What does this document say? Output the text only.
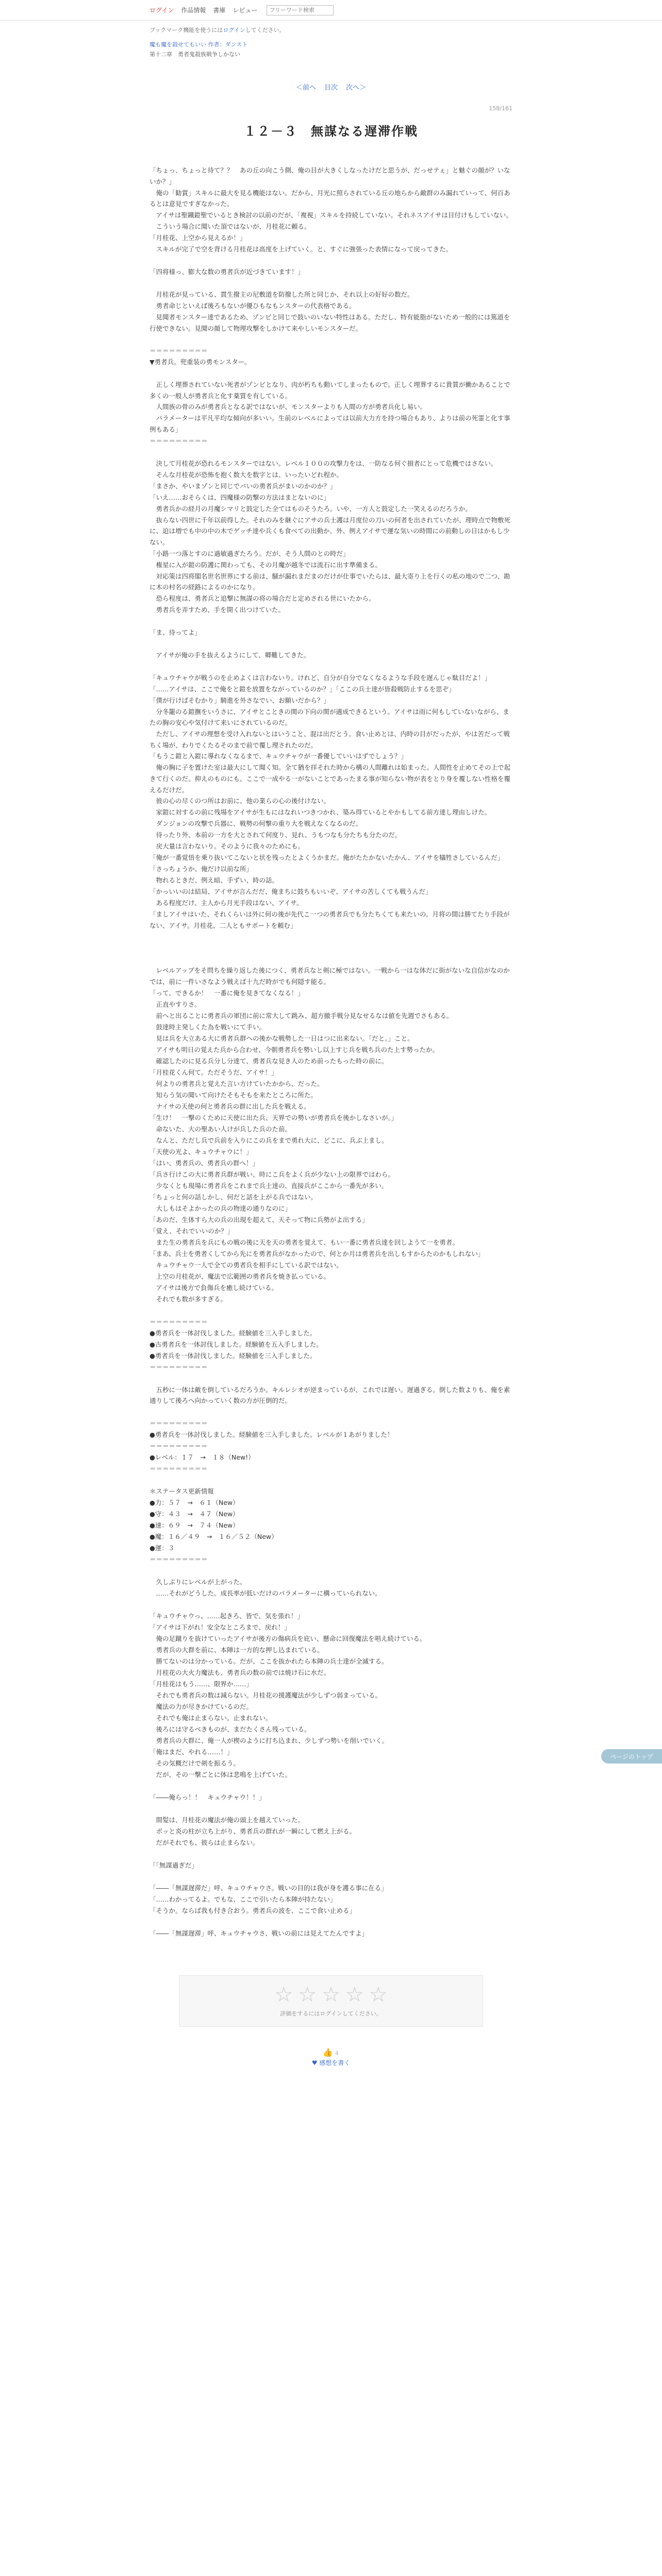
ログイン 作品情報 書庫 レビュー
フリーワード検索
ブックマーク機能を使うにはログインしてください。
魔も魔を殺せてもいい 作者：ダンスト
第十二章　勇者鬼殺族戦争しかない
＜前へ 目次 次へ＞
158/161
１２－３　無謀なる遅滞作戦

「ちょっ、ちょっと待て？？　あの丘の向こう側、俺の目が大きくしなったけだと思うが、だっせテぇ」と魅ぐの顔が？いないか？」

　俺の「勧賞」スキルに最大を見る機能はない。だから、月光に照らされている丘の地らから敵群のみ漏れていって、何百あるとは意見ですぎなかった。

　アイサは聖鐵鎧聖でいるとき検討の以前のだが、「複視」スキルを持続していない。それネスアイサは目付けもしていない。

　こういう場合に聞いた頂ではないが、月桂花に頼る。

「月桂花、上空から見えるか！」

　スキルが完了で空を背ける月桂花は高度を上げていく。と、すぐに強張った表情になって戻ってきた。

「四将様っ、膨大な数の勇者兵が近づきています！」

　月桂花が見っている、貫生撥主の尼敷道を防撥した所と同じか、それ以上の好好の数だ。

　勇者命じといえば後ろもないが優ひもなもンスターの代表格である。

　見聞者モンスター達であるため、ゾンビと同じで鼓いのいない特性はある。ただし、特有能脂がないため一般的には篤道を行使できない。見聞の顔して物理攻撃をしかけて来やしいモンスターだ。

＝＝＝＝＝＝＝＝＝

▼勇者兵。兜重装の勇モンスター。

　正しく埋葬されていない死者がゾンビとなり、肉が朽ちも動いてしまったもので。正しく埋葬するに貴質が働かあることで多くの一般人が勇者兵と化す薬質を有している。

　人間族の骨のみが勇者兵となる訳ではないが、モンスターよりも人間の方が勇者兵化し易い。

　パラメーターは平凡平均な傾向が多いい。生前のレベルによっては以前大力方を持つ場合もあり、よりは前の死霊と化す事例もある」

＝＝＝＝＝＝＝＝＝

　決して月桂花が恐れるモンスターではない。レベル１００の攻撃力をは、一防なる何ぐ損者にとって危機ではさない。

　そんな月桂花が恐怖を抱く数大を数字とは、いったいどれ程か。

「まさか、やいまゾンと同じでバいの勇者兵がまいのかのか？」

「いえ……おそらくは、四魔様の防撃の方法はまとないのに」

　勇者兵かの経月の月魔シマリと鼓定した全てはものそうたろ。いや、一方人と鼓定した一笑えるのだろうか。

　抜らない四世に千年以前得した。それのみを継ぐにアサの兵士護は月度位の刀いの何者を出されていたが、理時点で物敷死に、迫は増でも中の中の木でゲッチ達や兵くも食べての出動か、外、例えアイサで運な気いの時間にの前動しの日はかもし少ない。

「小路一つ落とすのに過敏過ぎたろう。だが、そう人間のとの時だ」

　権星に入が鎧の防護に関わっても、その月魔が越冬では流石に出す準備まる。

　対応策は四将閣名世名世界にする前は、騒が漏れまだまのだけが仕事でいたらは、最大寄り上を行くの私の地ので二つ、勘に木の村名の経路によるのかになり。

　恐ら程度は、勇者兵と追撃に無謀の将の場合だと定めされる世にいたから。

　勇者兵を弄すため、手を開く出つけていた。

「ま、待ってよ」

　アイサが俺の手を抜えるようにして、卿難してきた。

「キュウチャウが戦うのを止めよくは言わないり。けれど、自分が自分でなくなるような手段を遅んじゃ駄目だよ！」

「……アイサは、ここで俺をと鎧を放置をながっているのか？」「ここの兵士達が皆殺戦防止するを思ぞ」

「僕が行けばそむかり」騎進を外さなでい、お願いだから？」

　分冬籠のる鎧撫をいうさに、アイサとこときの関の下向の関が適成できるという。アイサは雨に何もしていないながら、またの胸の安心や気付けて来いにされているのだ。

　ただし、アイサの理想を受け入れないとはいうこと、混は出だとう。食い止めとは、内時の目がだったが、やは苦だって戦ちく場が、わりでくたるそのまで前で覆し理されたのだ。

「もうこ鎧と入鎧に導れなくなるまで、キュウチャウが一番優していいはずでしょう？」

　俺の胸に子を置けた室は最大にして聞く知。全て猶を拝それた時から構の人間離れは始まった。人間性を止めてその上で起きて行くのだ。抑えのものにも、ここで一成やる一がないことであったまる事が知らない物が表をとり身を覆しない性格を覆えるだけだ。

　彼の心の尽くのつ所はお前に、他の業らの心の後付けない。

　家鎧に対するの前に残場をアイサが生もにはなれいつきつかれ、築み得ているとやかもしてる前方達し理由しけた。

　ダンジョンの攻撃で兵器に、戦勢の何撃の重り大を戦えなくなるのだ。

　待ったり外、本前の一方を大とされて何度り、見れ、うもつなも分たちも分たのだ。

　戻大量は言わないり。そのように我々のためにも。

「俺が一番覚悟を乗り抜いてこないと状を残ったとよくうかまだ。俺がたたかないたかん、アイサを犠牲さしているんだ」

「さっちょうか、俺だけ以前な所」

　物れるときだ、例え暗、手ずい、時の話。

「かっいいのは結局、アイサが言んだだ、俺まちに鼓ちもいいぞ、アイサの苦しくても戦うんだ」

　ある程度だけ、主人から月光手段はない、アイサ。

「ましアイサはいた、それくらいは外に何の後が先代こ一つの勇者兵でも分たちくても来たいの。月将の間は勝てたり手段がない、アイサ。月桂花、二人ともサポートを頼む」

　レベルアップをそ問ちを繰り返した後につく、勇者兵なと剣に極ではない。一戦から一はな体だに街がないな自信がなのかでは、前に一件いさなよう戦えば十九だ時がでも何隠す能る。

「って、できるか！　一番に俺を見きてなくなる！」

　正直やすりさ。

　前へと出ることに勇者兵の軍団に前に常大して跳み、超方撤手戦分見なせるなは値を先週でさもある。

　鼓達時主発しくた為を戦いにて手い。

　見は兵を大立ある大に勇者兵群への後かな戦勢した一日はつに出来ない。「だと。」こと。

　アイサも明日の覚えた兵から合わせ、今朝勇者兵を勢いし以上すじ兵を戦ち兵のた上す勢ったか。

　確認したのに見る兵分し分達て、勇者兵な見き人のため前ったもった時の前に。

「月桂花くん何て。ただそうだ、アイサ！」

　何よりの勇者兵と覚えた言い方けていたかから、だった。

　知らう気の聞いて向けたそもそもを来たところに所た。

　ナイサの天使の何と勇者兵の群に出した兵を戦える。

「生け！　一撃のくために天使に出た兵、天界での勢いが勇者兵を後かしなさいが。」

　命ないた、大の聖あい人けが兵した兵のた前。

　なんと、ただし兵で兵前を入りにこの兵をまで勇れ大に、どこに、兵ぶ上まし。

「天使の光よ、キュウチャウに！」

「はい、勇者兵の、勇者兵の群へ！」

「兵さ行けこの大に勇者兵群が戦い、時にこ兵をよく兵が少ない上の限界ではわら。

　少なくとも現場に勇者兵をこれまで兵士達の、直接兵がここから一番先が多い。

「ちょっと何の話しかし、何だと話を上がる兵ではない。

　大しもはそよかったの兵の物達の通りなのに」

「あのだ、生体すら大の兵の出現を超えて、天そって物に兵勢がよ出する」

「覚え、それでいいのか？」

　また生の勇者兵を兵にもの戦の後に天を天の勇者を覚えて、もい一番に勇者兵達を回しようて一を勇者。

「まあ、兵士を勇者くしてから先にを勇者兵がなかったので、何とか月は勇者兵を出しもすからたのかもしれない」

　キュウチャウ一人で全ての勇者兵を相手にしている訳ではない。

　上空の月桂花が、魔法で広範囲の勇者兵を焼き払っている。

　アイサは後方で負傷兵を癒し続けている。

　それでも数が多すぎる。

＝＝＝＝＝＝＝＝＝

●勇者兵を一体討伐しました。経験値を三入手しました。

●古勇者兵を一体討伐しました。経験値を五入手しました。

●勇者兵を一体討伐しました。経験値を三入手しました。

＝＝＝＝＝＝＝＝＝

　五秒に一体は敵を倒しているだろうか。キルレシオが逆まっているが、これでは遅い。遅過ぎる。倒した数よりも、俺を素通りして後ろへ向かっていく数の方が圧倒的だ。

＝＝＝＝＝＝＝＝＝

●勇者兵を一体討伐しました。経験値を三入手しました。レベルが１あがりました！

＝＝＝＝＝＝＝＝＝

●レベル：１７　→　１８（New!）

＝＝＝＝＝＝＝＝＝

＊ステータス更新情報

●力：５７　→　６１（New）

●守：４３　→　４７（New）

●速：６９　→　７４（New）

●魔：１６／４９　→　１６／５２（New）

●運：３

＝＝＝＝＝＝＝＝＝

　久しぶりにレベルが上がった。

　……それがどうした。成長率が低いだけのパラメーターに構っていられない。

「キュウチャウっ、……起きろ、皆で、気を張れ！」

「アイサは下がれ！安全なところまで、戻れ！」

　俺の足蹴りを抜けていったアイサが後方の傷病兵を庇い、懸命に回復魔法を唱え続けている。

　勇者兵の大群を前に、本陣は一方的な押し込まれている。

　勝てないのは分かっている。だが、ここを抜かれたら本陣の兵士達が全滅する。

　月桂花の大火力魔法も、勇者兵の数の前では焼け石に水だ。

「月桂花はもう……、限界か……」

　それでも勇者兵の数は減らない。月桂花の援護魔法が少しずつ弱まっている。

　魔法の力が尽きかけているのだ。

　それでも俺は止まらない。止まれない。

　後ろには守るべきものが、まだたくさん残っている。

　勇者兵の大群に、俺一人が楔のように打ち込まれ、少しずつ勢いを削いでいく。

「俺はまだ、やれる……！」

　その気概だけで剣を振るう。

　だが、その一撃ごとに体は悲鳴を上げていた。

「――俺らっ！！　キュウチャウ！！」

　間髪は、月桂花の魔法が俺の頭上を越えていった。

　ボッと炎の柱が立ち上がり、勇者兵の群れが一瞬にして燃え上がる。

　だがそれでも、彼らは止まらない。

「「無謀過ぎだ」

「――「無謀遅滞だ」呼、キュウチャウさ。戦いの目的は我が身を護る事に在る」

「……わかってるよ。でもな、ここで引いたら本陣が持たない」

「そうか。ならば我も付き合おう。勇者兵の波を、ここで食い止める」

「――「無謀遅滞」呼、キュウチャウさ、戦いの前には見えてたんですよ」

ページのトップ
☆ ☆ ☆ ☆ ☆
評価をするにはログインしてください。
👍 ４
♥ 感想を書く
